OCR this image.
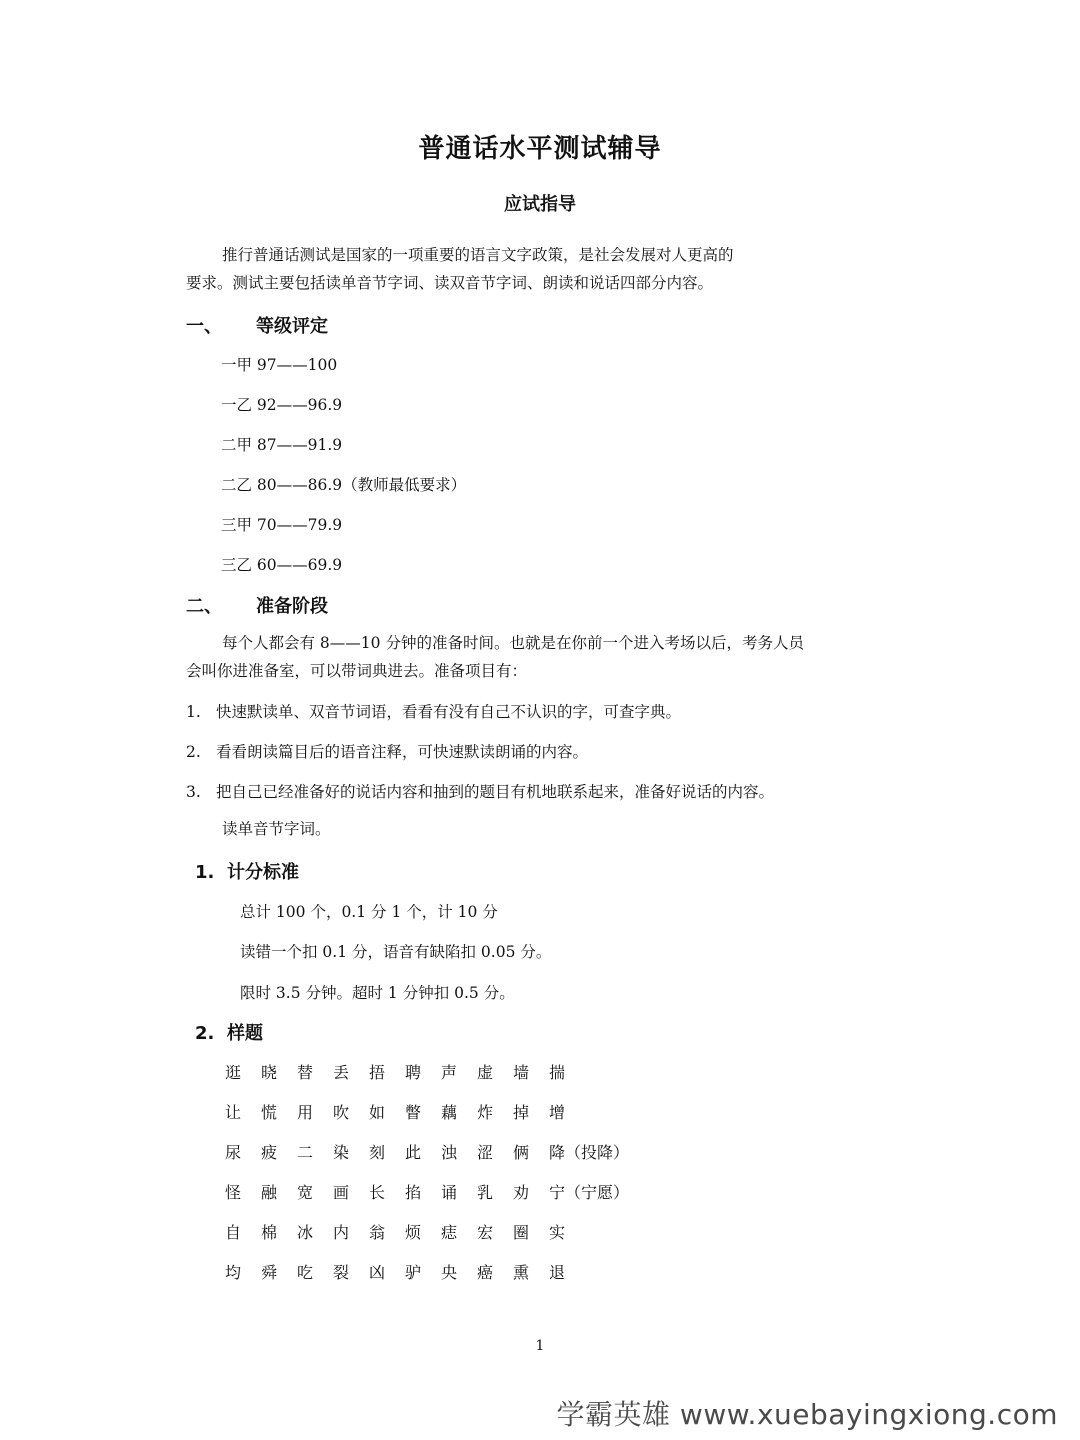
普通话水平测试辅导
应试指导
推行普通话测试是国家的一项重要的语言文字政策，是社会发展对人更高的
要求。测试主要包括读单音节字词、读双音节字词、朗读和说话四部分内容。
一、 等级评定
一甲 97——100
一乙 92——96.9
二甲 87——91.9
二乙 80——86.9（教师最低要求）
三甲 70——79.9
三乙 60——69.9
二、 准备阶段
每个人都会有 8——10 分钟的准备时间。也就是在你前一个进入考场以后，考务人员
会叫你进准备室，可以带词典进去。准备项目有：
1. 快速默读单、双音节词语，看看有没有自己不认识的字，可查字典。
2. 看看朗读篇目后的语音注释，可快速默读朗诵的内容。
3. 把自己已经准备好的说话内容和抽到的题目有机地联系起来，准备好说话的内容。
读单音节字词。
1. 计分标准
总计 100 个，0.1 分 1 个，计 10 分
读错一个扣 0.1 分，语音有缺陷扣 0.05 分。
限时 3.5 分钟。超时 1 分钟扣 0.5 分。
2. 样题
逛 晓 替 丢 捂 聘 声 虚 墙 揣
让 慌 用 吹 如 瞥 藕 炸 掉 增
尿 疲 二 染 刻 此 浊 涩 俩 降（投降）
怪 融 宽 画 长 掐 诵 乳 劝 宁（宁愿）
自 棉 冰 内 翁 烦 痣 宏 圈 实
均 舜 吃 裂 凶 驴 央 癌 熏 退
1
学霸英雄 www.xuebayingxiong.com
